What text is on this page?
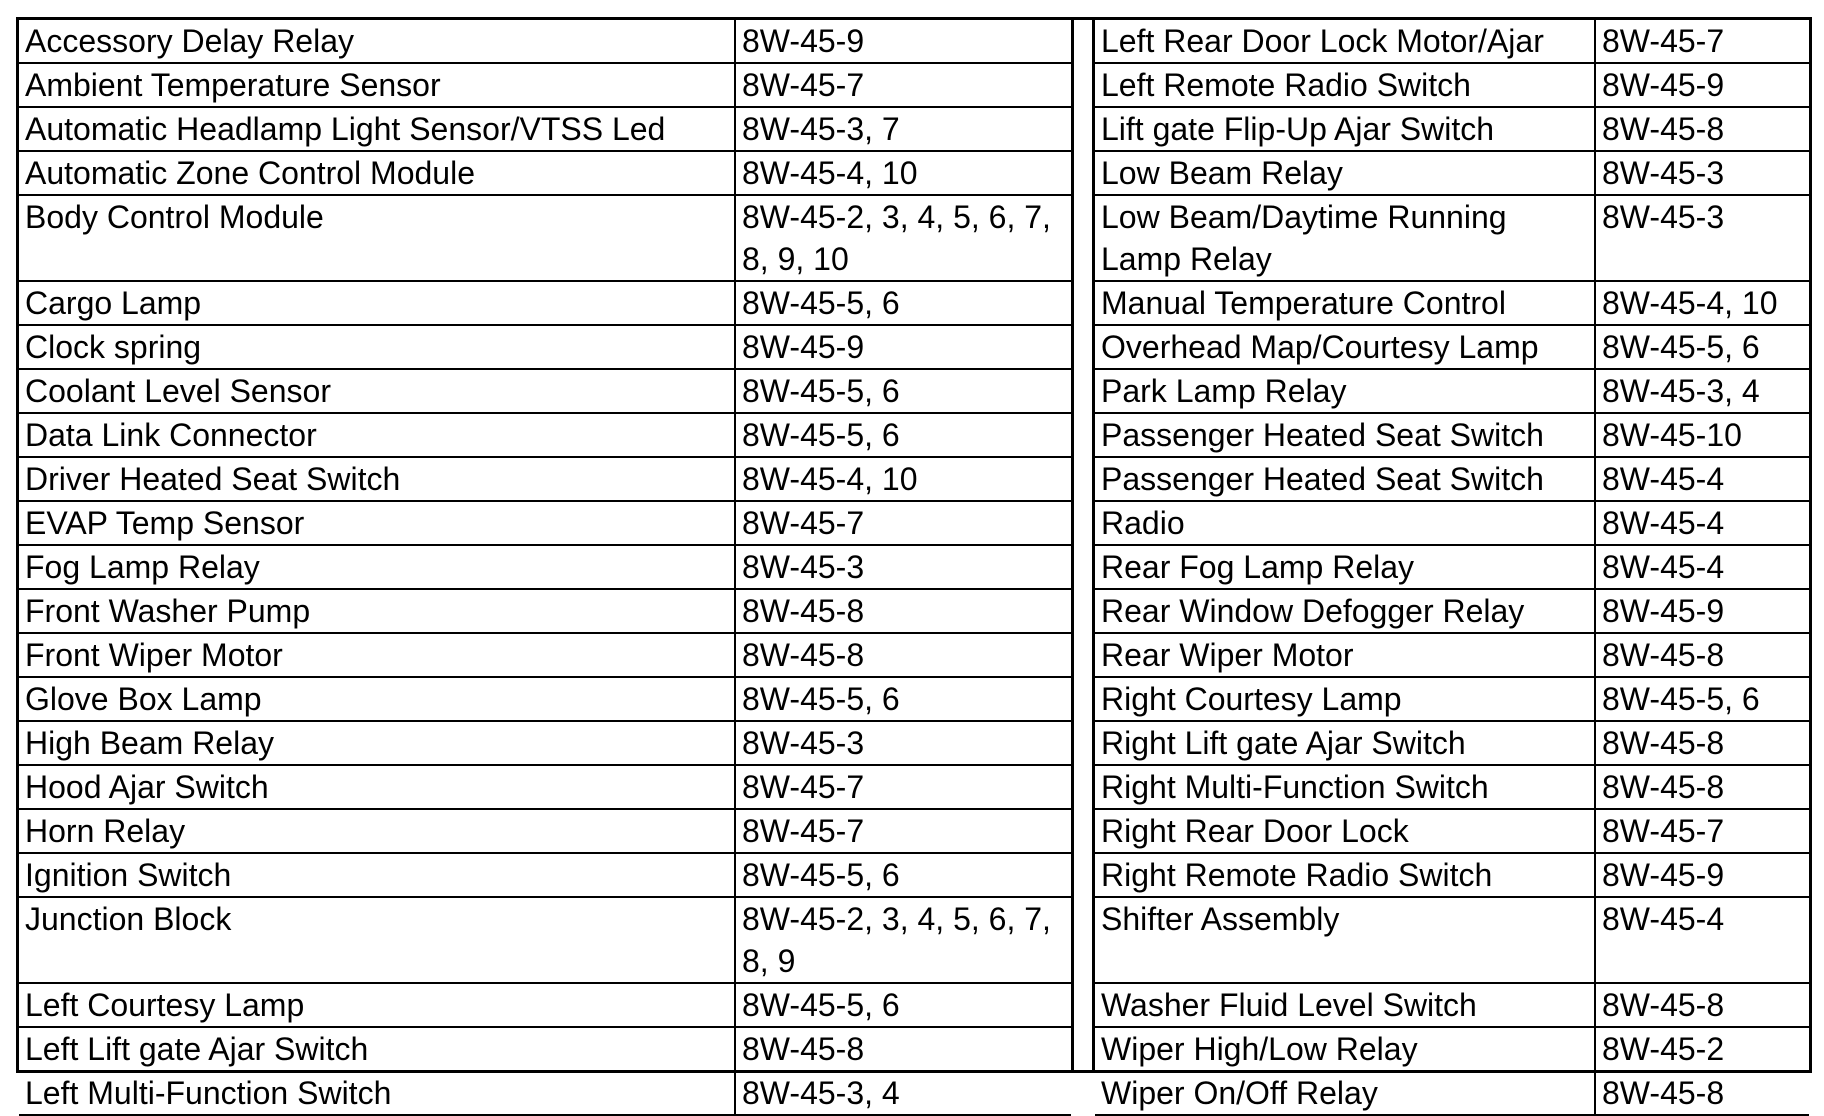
Accessory Delay Relay	8W-45-9
Ambient Temperature Sensor	8W-45-7
Automatic Headlamp Light Sensor/VTSS Led	8W-45-3, 7
Automatic Zone Control Module	8W-45-4, 10
Body Control Module	8W-45-2, 3, 4, 5, 6, 7, 8, 9, 10
Cargo Lamp	8W-45-5, 6
Clock spring	8W-45-9
Coolant Level Sensor	8W-45-5, 6
Data Link Connector	8W-45-5, 6
Driver Heated Seat Switch	8W-45-4, 10
EVAP Temp Sensor	8W-45-7
Fog Lamp Relay	8W-45-3
Front Washer Pump	8W-45-8
Front Wiper Motor	8W-45-8
Glove Box Lamp	8W-45-5, 6
High Beam Relay	8W-45-3
Hood Ajar Switch	8W-45-7
Horn Relay	8W-45-7
Ignition Switch	8W-45-5, 6
Junction Block	8W-45-2, 3, 4, 5, 6, 7, 8, 9
Left Courtesy Lamp	8W-45-5, 6
Left Lift gate Ajar Switch	8W-45-8
Left Multi-Function Switch	8W-45-3, 4
Left Rear Door Lock Motor/Ajar	8W-45-7
Left Remote Radio Switch	8W-45-9
Lift gate Flip-Up Ajar Switch	8W-45-8
Low Beam Relay	8W-45-3
Low Beam/Daytime Running Lamp Relay	8W-45-3
Manual Temperature Control	8W-45-4, 10
Overhead Map/Courtesy Lamp	8W-45-5, 6
Park Lamp Relay	8W-45-3, 4
Passenger Heated Seat Switch	8W-45-10
Passenger Heated Seat Switch	8W-45-4
Radio	8W-45-4
Rear Fog Lamp Relay	8W-45-4
Rear Window Defogger Relay	8W-45-9
Rear Wiper Motor	8W-45-8
Right Courtesy Lamp	8W-45-5, 6
Right Lift gate Ajar Switch	8W-45-8
Right Multi-Function Switch	8W-45-8
Right Rear Door Lock	8W-45-7
Right Remote Radio Switch	8W-45-9
Shifter Assembly	8W-45-4
Washer Fluid Level Switch	8W-45-8
Wiper High/Low Relay	8W-45-2
Wiper On/Off Relay	8W-45-8
